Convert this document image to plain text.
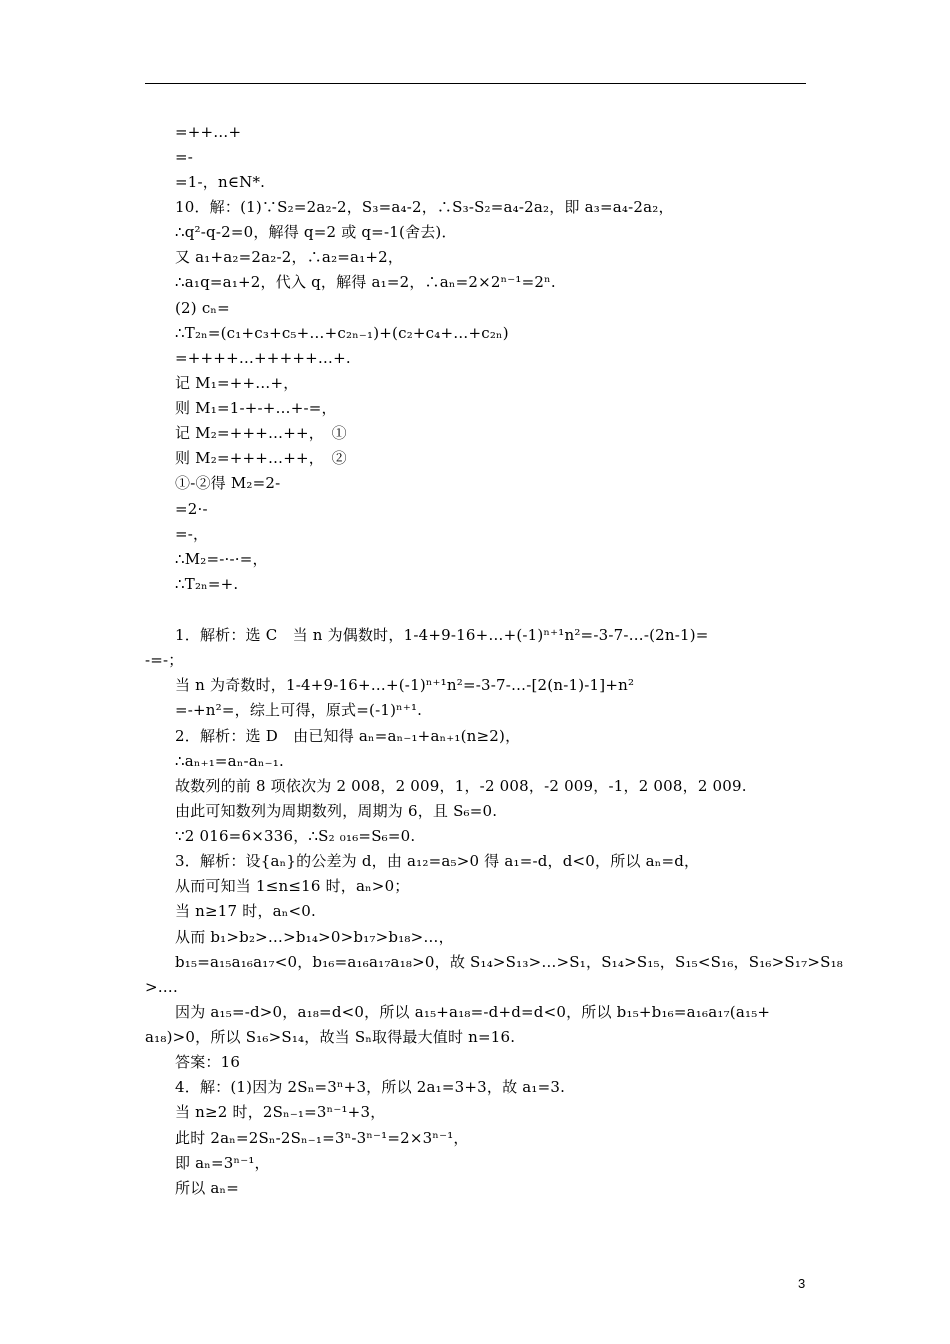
=++…+
=-
=1-，n∈N*.
10．解：(1)∵S₂=2a₂-2，S₃=a₄-2，∴S₃-S₂=a₄-2a₂，即 a₃=a₄-2a₂，
∴q²-q-2=0，解得 q=2 或 q=-1(舍去)．
又 a₁+a₂=2a₂-2，∴a₂=a₁+2，
∴a₁q=a₁+2，代入 q，解得 a₁=2，∴aₙ=2×2ⁿ⁻¹=2ⁿ.
(2) cₙ=
∴T₂ₙ=(c₁+c₃+c₅+…+c₂ₙ₋₁)+(c₂+c₄+…+c₂ₙ)
=++++…+++++…+.
记 M₁=++…+，
则 M₁=1-+-+…+-=，
记 M₂=+++…++，　①
则 M₂=+++…++，　②
①-②得 M₂=2-
=2·-
=-，
∴M₂=-·-·=，
∴T₂ₙ=+.
1．解析：选 C　当 n 为偶数时，1-4+9-16+…+(-1)ⁿ⁺¹n²=-3-7-…-(2n-1)=
-=-；
当 n 为奇数时，1-4+9-16+…+(-1)ⁿ⁺¹n²=-3-7-…-[2(n-1)-1]+n²
=-+n²=，综上可得，原式=(-1)ⁿ⁺¹.
2．解析：选 D　由已知得 aₙ=aₙ₋₁+aₙ₊₁(n≥2)，
∴aₙ₊₁=aₙ-aₙ₋₁.
故数列的前 8 项依次为 2 008，2 009，1，-2 008，-2 009，-1，2 008，2 009.
由此可知数列为周期数列，周期为 6，且 S₆=0.
∵2 016=6×336，∴S₂ ₀₁₆=S₆=0.
3．解析：设{aₙ}的公差为 d，由 a₁₂=a₅>0 得 a₁=-d，d<0，所以 aₙ=d，
从而可知当 1≤n≤16 时，aₙ>0；
当 n≥17 时，aₙ<0.
从而 b₁>b₂>…>b₁₄>0>b₁₇>b₁₈>…，
b₁₅=a₁₅a₁₆a₁₇<0，b₁₆=a₁₆a₁₇a₁₈>0，故 S₁₄>S₁₃>…>S₁，S₁₄>S₁₅，S₁₅<S₁₆，S₁₆>S₁₇>S₁₈
>….
因为 a₁₅=-d>0，a₁₈=d<0，所以 a₁₅+a₁₈=-d+d=d<0，所以 b₁₅+b₁₆=a₁₆a₁₇(a₁₅+
a₁₈)>0，所以 S₁₆>S₁₄，故当 Sₙ取得最大值时 n=16.
答案：16
4．解：(1)因为 2Sₙ=3ⁿ+3，所以 2a₁=3+3，故 a₁=3.
当 n≥2 时，2Sₙ₋₁=3ⁿ⁻¹+3，
此时 2aₙ=2Sₙ-2Sₙ₋₁=3ⁿ-3ⁿ⁻¹=2×3ⁿ⁻¹，
即 aₙ=3ⁿ⁻¹，
所以 aₙ=
3
